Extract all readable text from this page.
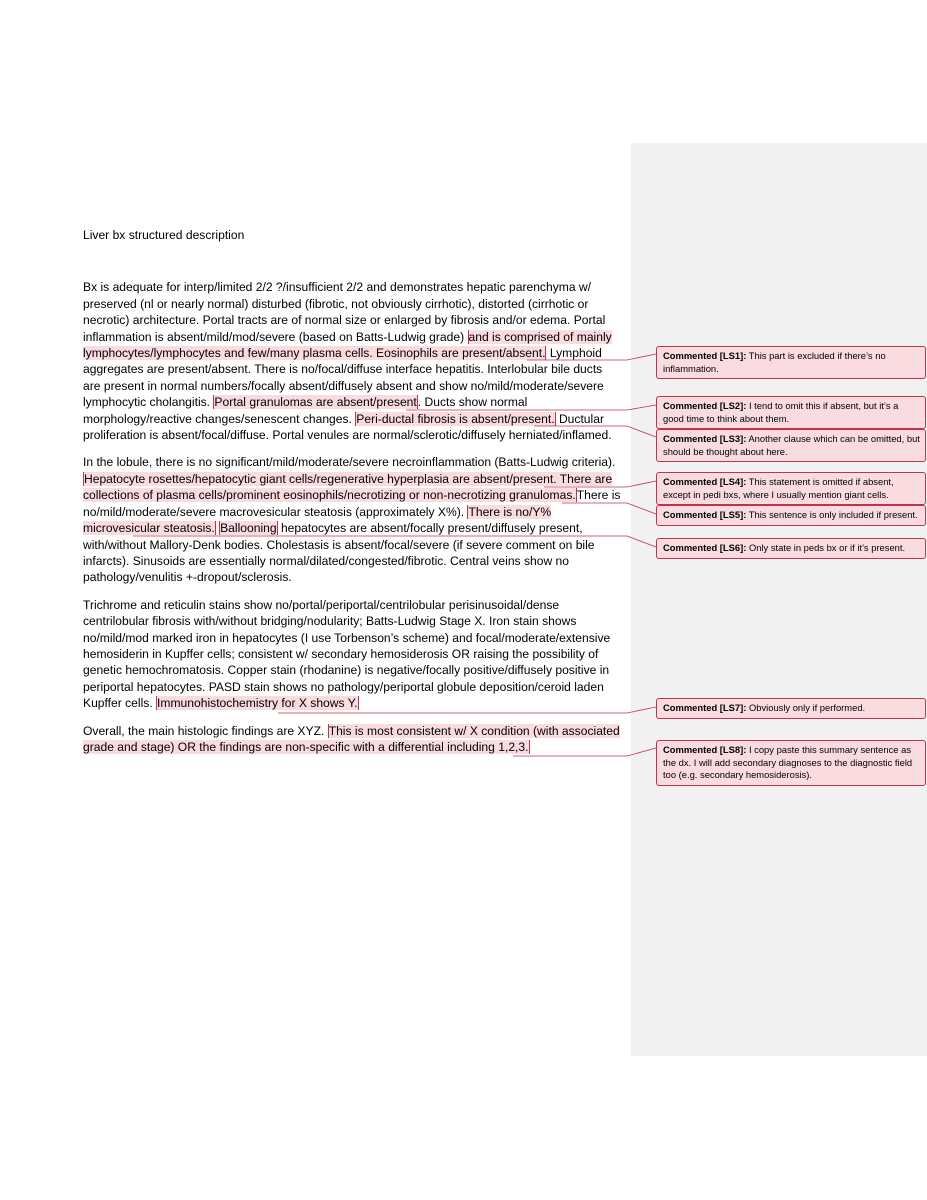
Liver bx structured description

Bx is adequate for interp/limited 2/2 ?/insufficient 2/2 and demonstrates hepatic parenchyma w/ preserved (nl or nearly normal) disturbed (fibrotic, not obviously cirrhotic), distorted (cirrhotic or necrotic) architecture. Portal tracts are of normal size or enlarged by fibrosis and/or edema. Portal inflammation is absent/mild/mod/severe (based on Batts-Ludwig grade) and is comprised of mainly lymphocytes/lymphocytes and few/many plasma cells. Eosinophils are present/absent. Lymphoid aggregates are present/absent. There is no/focal/diffuse interface hepatitis. Interlobular bile ducts are present in normal numbers/focally absent/diffusely absent and show no/mild/moderate/severe lymphocytic cholangitis. Portal granulomas are absent/present. Ducts show normal morphology/reactive changes/senescent changes. Peri-ductal fibrosis is absent/present. Ductular proliferation is absent/focal/diffuse. Portal venules are normal/sclerotic/diffusely herniated/inflamed.

In the lobule, there is no significant/mild/moderate/severe necroinflammation (Batts-Ludwig criteria). Hepatocyte rosettes/hepatocytic giant cells/regenerative hyperplasia are absent/present. There are collections of plasma cells/prominent eosinophils/necrotizing or non-necrotizing granulomas.There is no/mild/moderate/severe macrovesicular steatosis (approximately X%). There is no/Y% microvesicular steatosis. Ballooning hepatocytes are absent/focally present/diffusely present, with/without Mallory-Denk bodies. Cholestasis is absent/focal/severe (if severe comment on bile infarcts). Sinusoids are essentially normal/dilated/congested/fibrotic. Central veins show no pathology/venulitis +-dropout/sclerosis.

Trichrome and reticulin stains show no/portal/periportal/centrilobular perisinusoidal/dense centrilobular fibrosis with/without bridging/nodularity; Batts-Ludwig Stage X. Iron stain shows no/mild/mod marked iron in hepatocytes (I use Torbenson’s scheme) and focal/moderate/extensive hemosiderin in Kupffer cells; consistent w/ secondary hemosiderosis OR raising the possibility of genetic hemochromatosis. Copper stain (rhodanine) is negative/focally positive/diffusely positive in periportal hepatocytes. PASD stain shows no pathology/periportal globule deposition/ceroid laden Kupffer cells. Immunohistochemistry for X shows Y.

Overall, the main histologic findings are XYZ. This is most consistent w/ X condition (with associated grade and stage) OR the findings are non-specific with a differential including 1,2,3.

Commented [LS1]: This part is excluded if there’s no inflammation.
Commented [LS2]: I tend to omit this if absent, but it’s a good time to think about them.
Commented [LS3]: Another clause which can be omitted, but should be thought about here.
Commented [LS4]: This statement is omitted if absent, except in pedi bxs, where I usually mention giant cells.
Commented [LS5]: This sentence is only included if present.
Commented [LS6]: Only state in peds bx or if it’s present.
Commented [LS7]: Obviously only if performed.
Commented [LS8]: I copy paste this summary sentence as the dx. I will add secondary diagnoses to the diagnostic field too (e.g. secondary hemosiderosis).
